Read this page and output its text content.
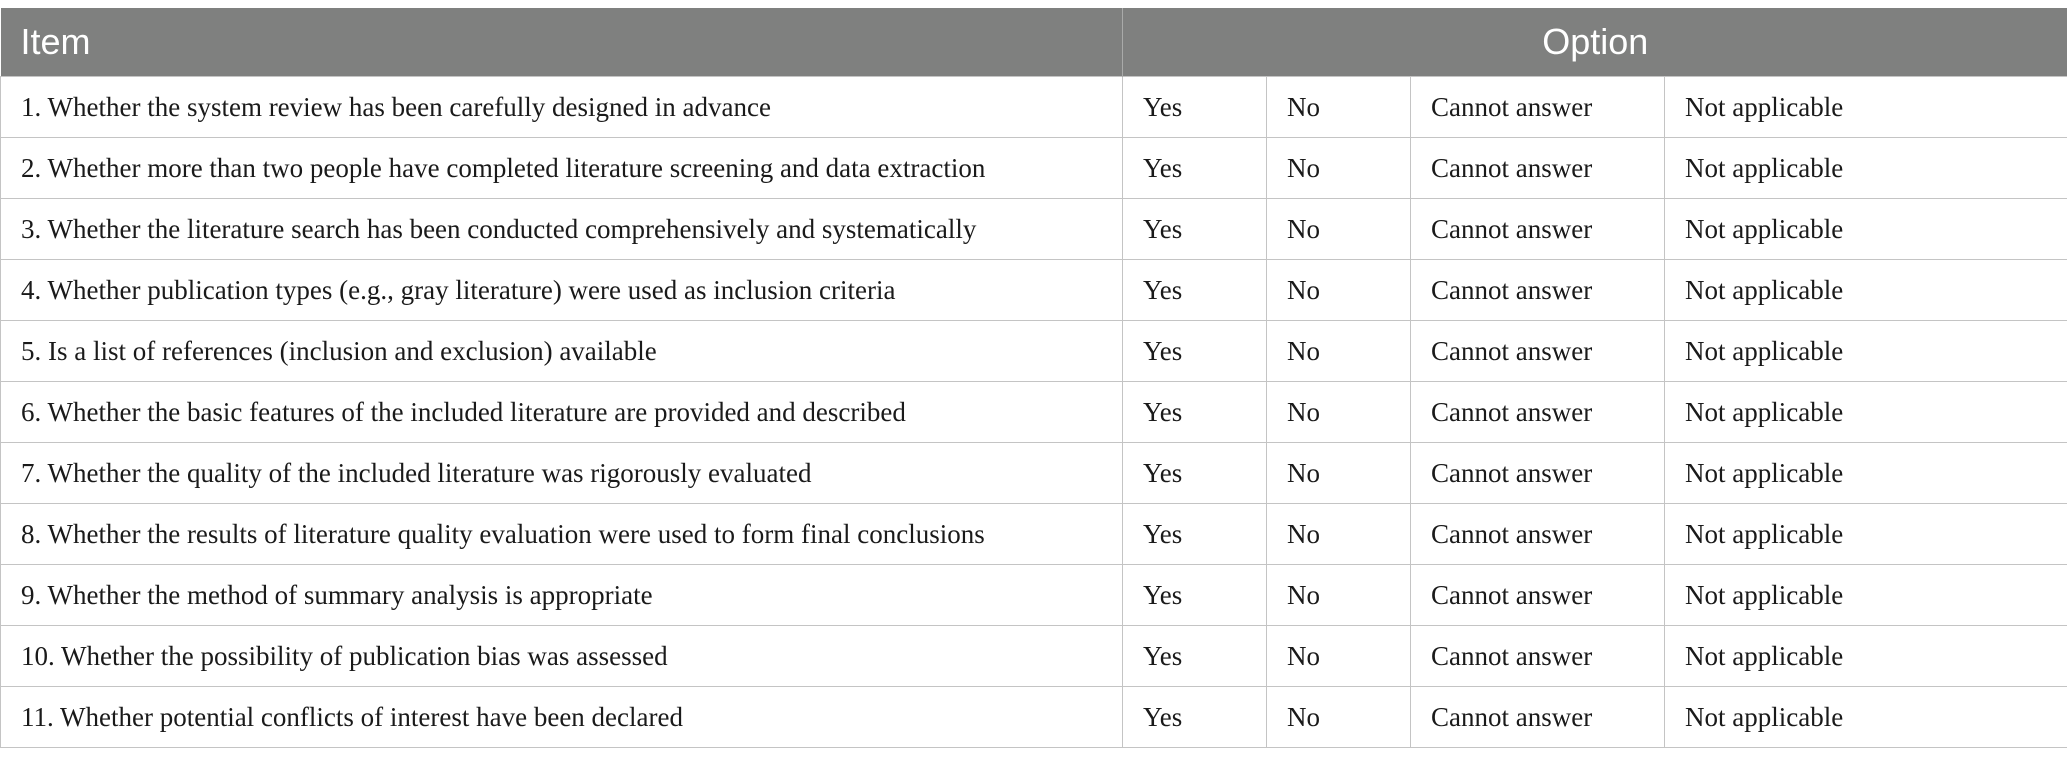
Item	Option			
1. Whether the system review has been carefully designed in advance	Yes	No	Cannot answer	Not applicable
2. Whether more than two people have completed literature screening and data extraction	Yes	No	Cannot answer	Not applicable
3. Whether the literature search has been conducted comprehensively and systematically	Yes	No	Cannot answer	Not applicable
4. Whether publication types (e.g., gray literature) were used as inclusion criteria	Yes	No	Cannot answer	Not applicable
5. Is a list of references (inclusion and exclusion) available	Yes	No	Cannot answer	Not applicable
6. Whether the basic features of the included literature are provided and described	Yes	No	Cannot answer	Not applicable
7. Whether the quality of the included literature was rigorously evaluated	Yes	No	Cannot answer	Not applicable
8. Whether the results of literature quality evaluation were used to form final conclusions	Yes	No	Cannot answer	Not applicable
9. Whether the method of summary analysis is appropriate	Yes	No	Cannot answer	Not applicable
10. Whether the possibility of publication bias was assessed	Yes	No	Cannot answer	Not applicable
11. Whether potential conflicts of interest have been declared	Yes	No	Cannot answer	Not applicable
